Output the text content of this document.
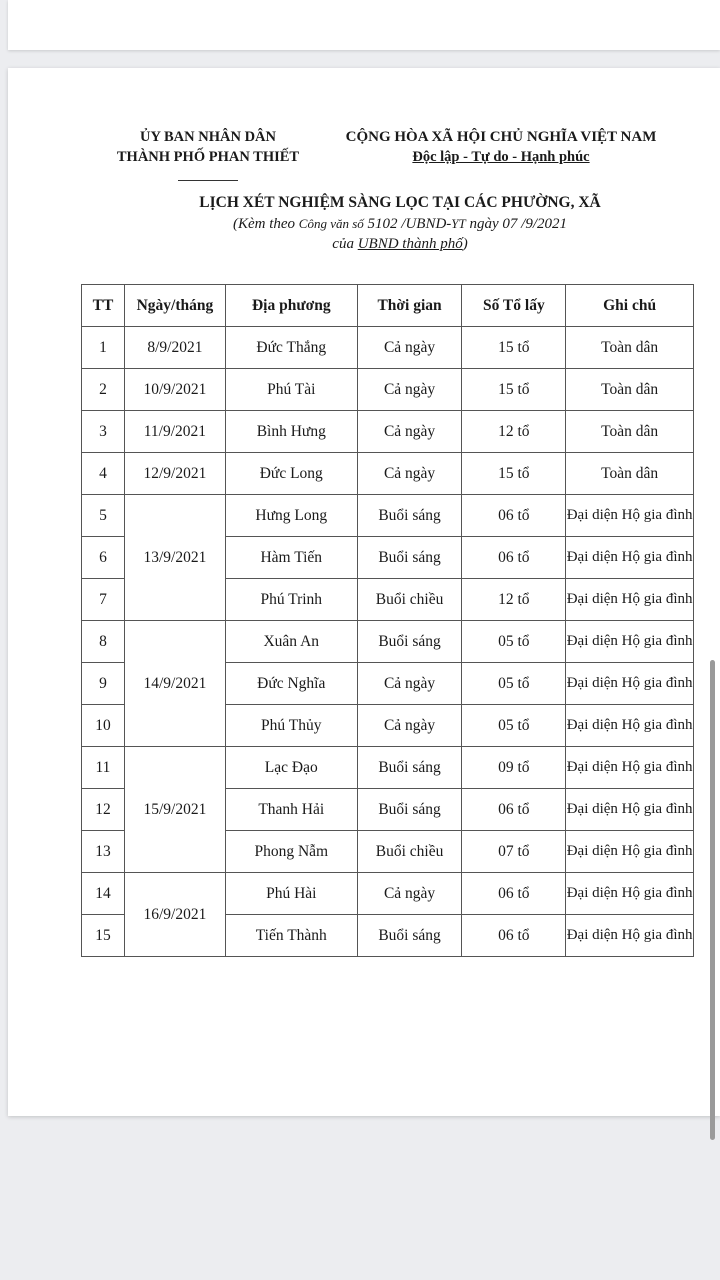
ỦY BAN NHÂN DÂN
THÀNH PHỐ PHAN THIẾT
CỘNG HÒA XÃ HỘI CHỦ NGHĨA VIỆT NAM
Độc lập - Tự do - Hạnh phúc
LỊCH XÉT NGHIỆM SÀNG LỌC TẠI CÁC PHƯỜNG, XÃ
(Kèm theo Công văn số 5102 /UBND-YT ngày 07 /9/2021
của UBND thành phố)
TT	Ngày/tháng	Địa phương	Thời gian	Số Tổ lấy	Ghi chú
1	8/9/2021	Đức Thắng	Cả ngày	15 tổ	Toàn dân
2	10/9/2021	Phú Tài	Cả ngày	15 tổ	Toàn dân
3	11/9/2021	Bình Hưng	Cả ngày	12 tổ	Toàn dân
4	12/9/2021	Đức Long	Cả ngày	15 tổ	Toàn dân
5	13/9/2021	Hưng Long	Buổi sáng	06 tổ	Đại diện Hộ gia đình
6		Hàm Tiến	Buổi sáng	06 tổ	Đại diện Hộ gia đình
7		Phú Trinh	Buổi chiều	12 tổ	Đại diện Hộ gia đình
8	14/9/2021	Xuân An	Buổi sáng	05 tổ	Đại diện Hộ gia đình
9		Đức Nghĩa	Cả ngày	05 tổ	Đại diện Hộ gia đình
10		Phú Thủy	Cả ngày	05 tổ	Đại diện Hộ gia đình
11	15/9/2021	Lạc Đạo	Buổi sáng	09 tổ	Đại diện Hộ gia đình
12		Thanh Hải	Buổi sáng	06 tổ	Đại diện Hộ gia đình
13		Phong Nẫm	Buổi chiều	07 tổ	Đại diện Hộ gia đình
14	16/9/2021	Phú Hài	Cả ngày	06 tổ	Đại diện Hộ gia đình
15		Tiến Thành	Buổi sáng	06 tổ	Đại diện Hộ gia đình
